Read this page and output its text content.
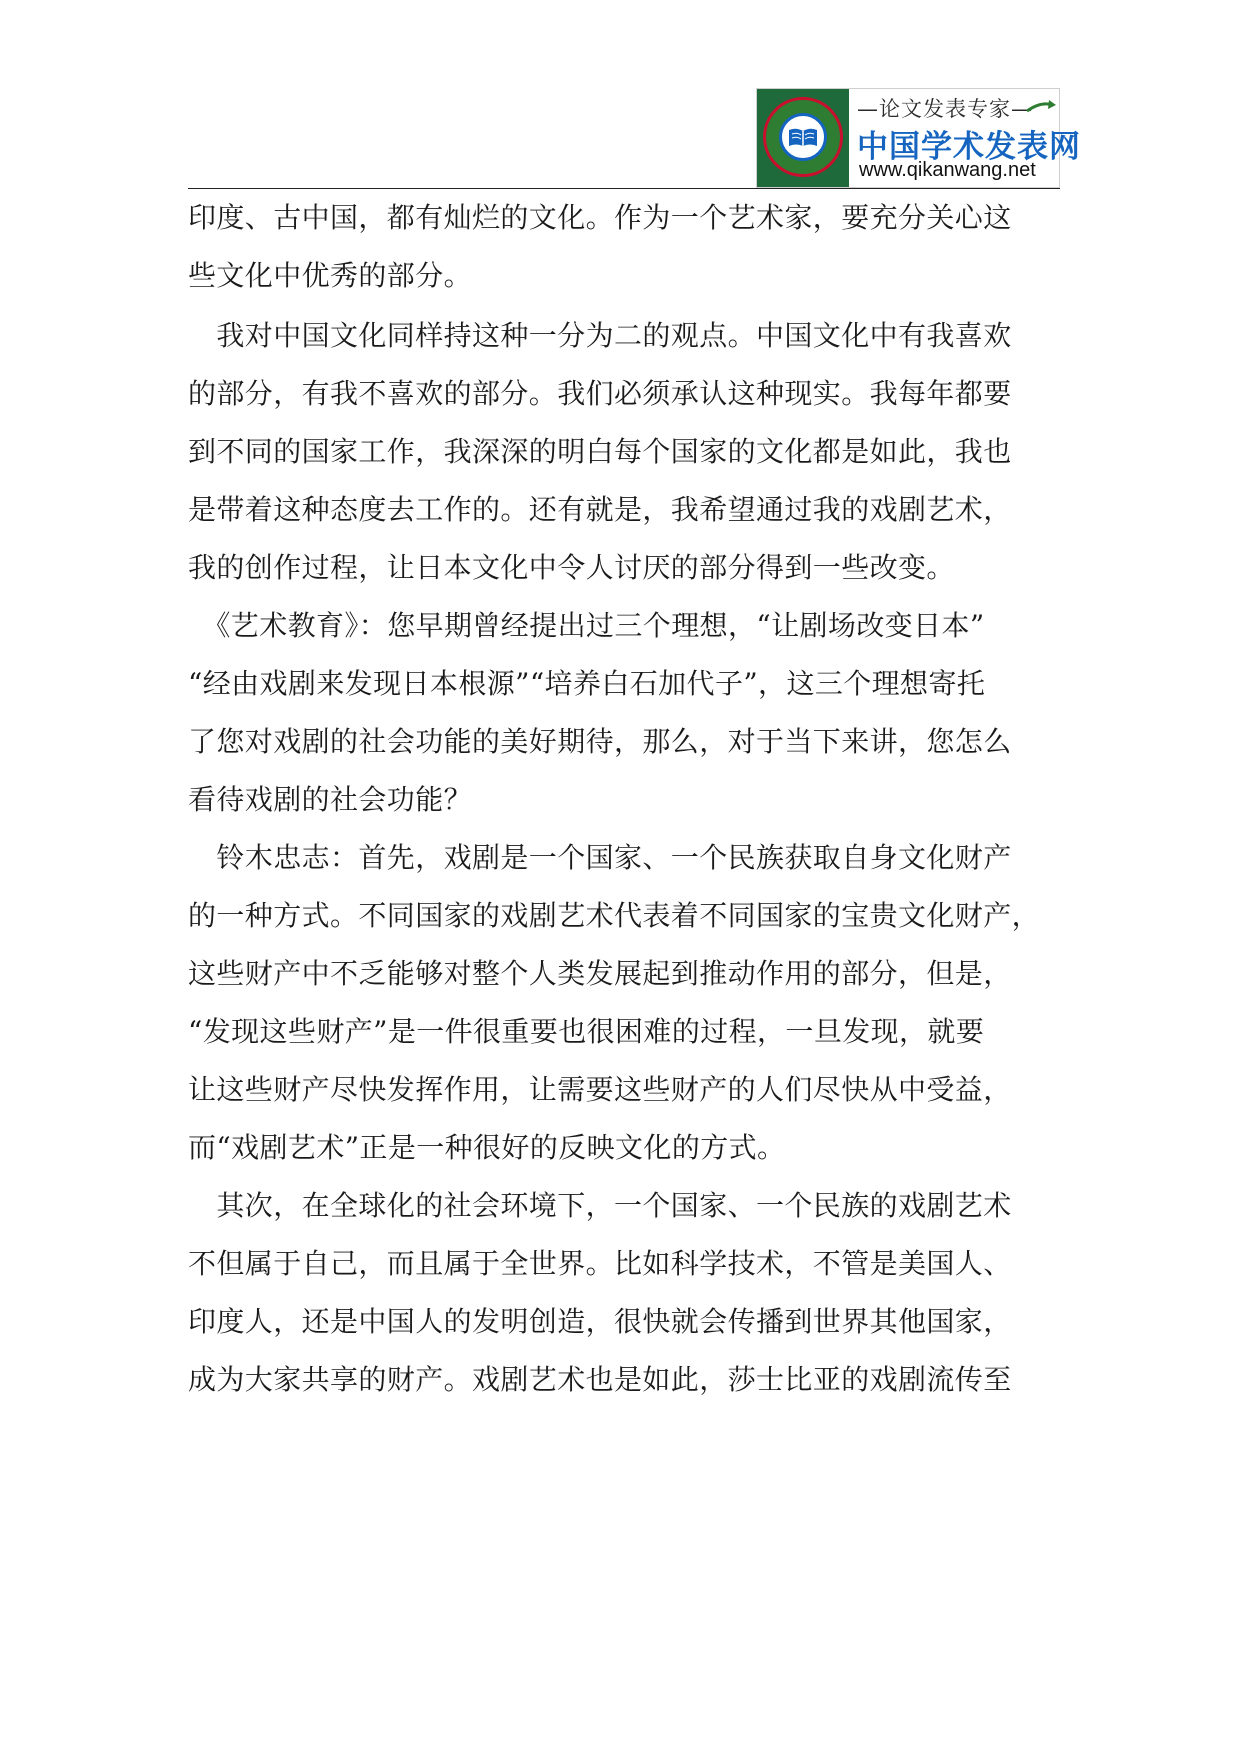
—论文发表专家—
中国学术发表网
www.qikanwang.net
印度、古中国，都有灿烂的文化。作为一个艺术家，要充分关心这
些文化中优秀的部分。
　我对中国文化同样持这种一分为二的观点。中国文化中有我喜欢
的部分，有我不喜欢的部分。我们必须承认这种现实。我每年都要
到不同的国家工作，我深深的明白每个国家的文化都是如此，我也
是带着这种态度去工作的。还有就是，我希望通过我的戏剧艺术，
我的创作过程，让日本文化中令人讨厌的部分得到一些改变。
　《艺术教育》：您早期曾经提出过三个理想，“让剧场改变日本”
“经由戏剧来发现日本根源”“培养白石加代子”，这三个理想寄托
了您对戏剧的社会功能的美好期待，那么，对于当下来讲，您怎么
看待戏剧的社会功能？
　铃木忠志：首先，戏剧是一个国家、一个民族获取自身文化财产
的一种方式。不同国家的戏剧艺术代表着不同国家的宝贵文化财产，
这些财产中不乏能够对整个人类发展起到推动作用的部分，但是，
“发现这些财产”是一件很重要也很困难的过程，一旦发现，就要
让这些财产尽快发挥作用，让需要这些财产的人们尽快从中受益，
而“戏剧艺术”正是一种很好的反映文化的方式。
　其次，在全球化的社会环境下，一个国家、一个民族的戏剧艺术
不但属于自己，而且属于全世界。比如科学技术，不管是美国人、
印度人，还是中国人的发明创造，很快就会传播到世界其他国家，
成为大家共享的财产。戏剧艺术也是如此，莎士比亚的戏剧流传至
